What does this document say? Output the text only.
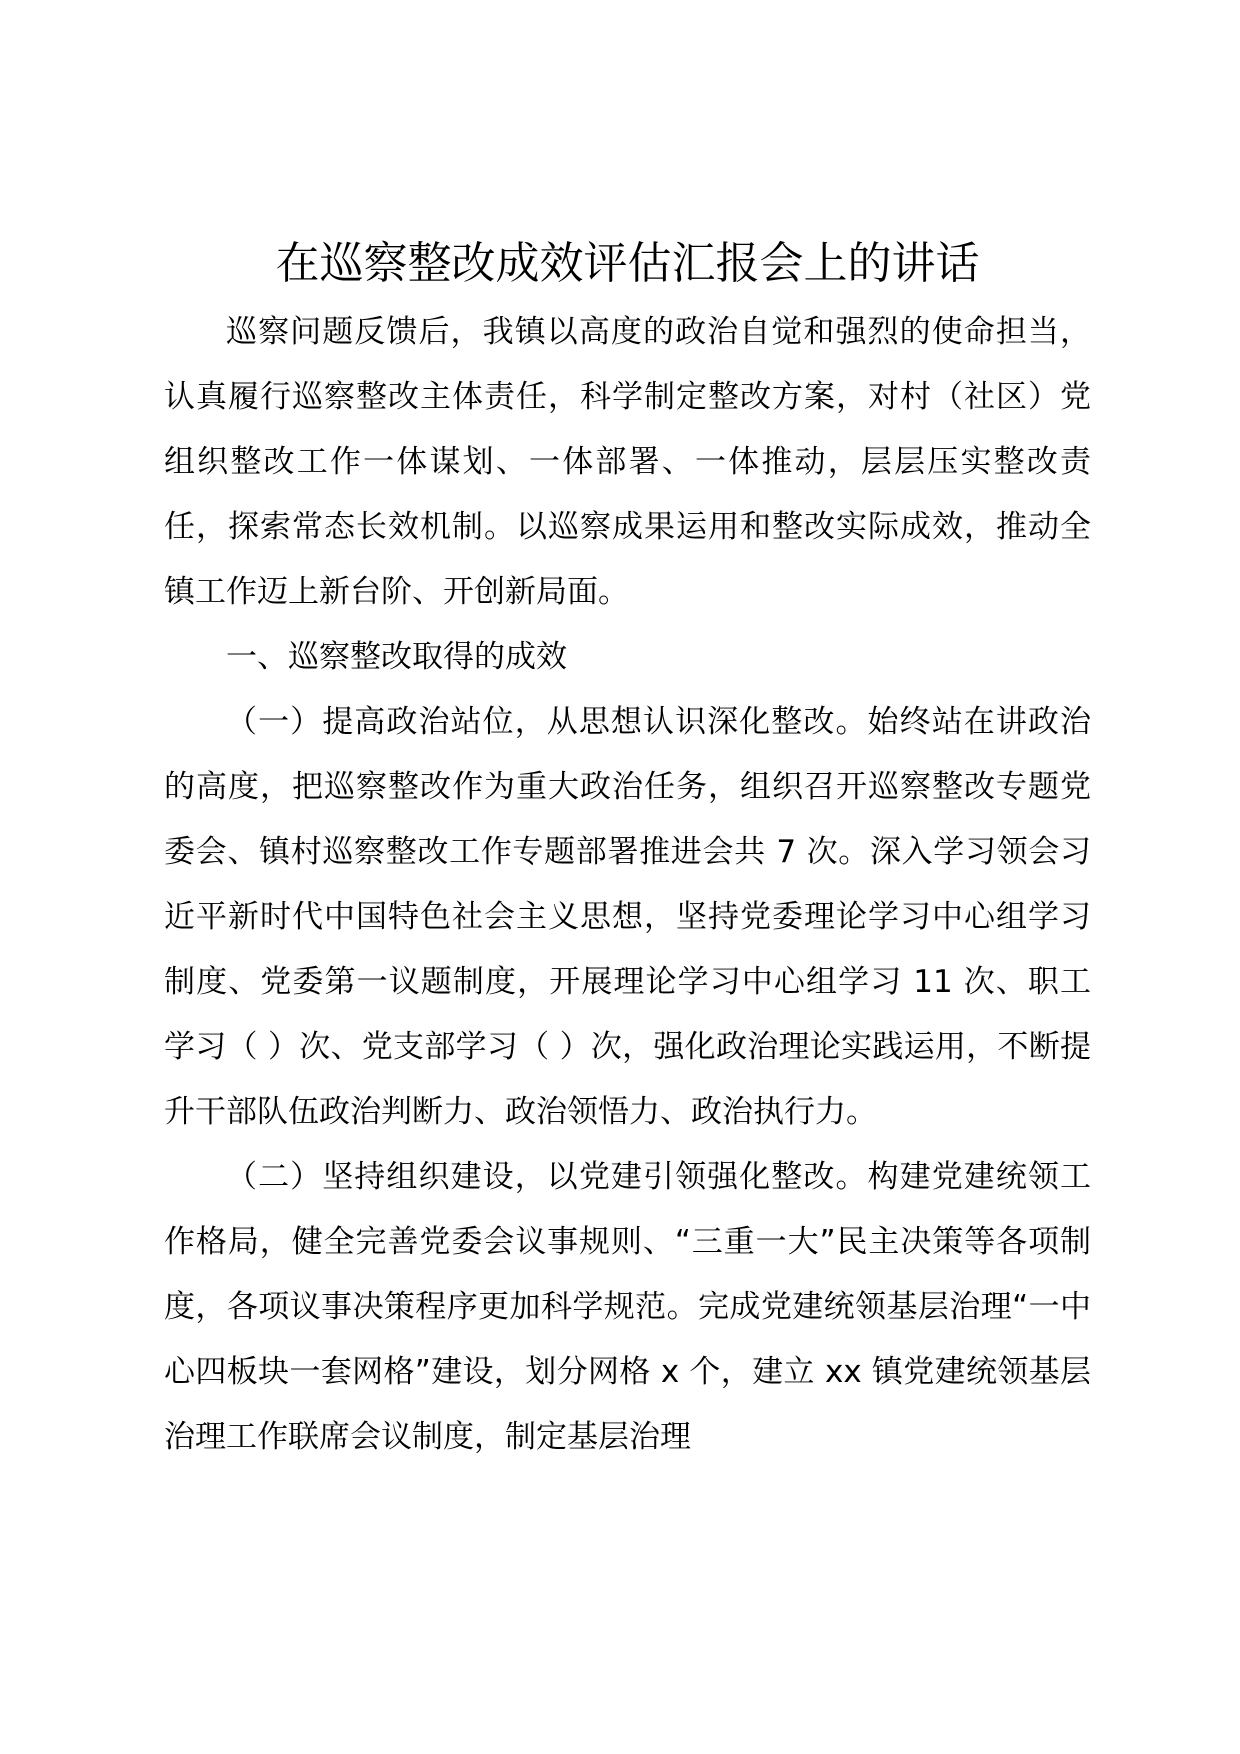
在巡察整改成效评估汇报会上的讲话

巡察问题反馈后，我镇以高度的政治自觉和强烈的使命担当，认真履行巡察整改主体责任，科学制定整改方案，对村（社区）党组织整改工作一体谋划、一体部署、一体推动，层层压实整改责任，探索常态长效机制。以巡察成果运用和整改实际成效，推动全镇工作迈上新台阶、开创新局面。

一、巡察整改取得的成效

（一）提高政治站位，从思想认识深化整改。始终站在讲政治的高度，把巡察整改作为重大政治任务，组织召开巡察整改专题党委会、镇村巡察整改工作专题部署推进会共 7 次。深入学习领会习近平新时代中国特色社会主义思想，坚持党委理论学习中心组学习制度、党委第一议题制度，开展理论学习中心组学习 11 次、职工学习（ ）次、党支部学习（ ）次，强化政治理论实践运用，不断提升干部队伍政治判断力、政治领悟力、政治执行力。

（二）坚持组织建设，以党建引领强化整改。构建党建统领工作格局，健全完善党委会议事规则、“三重一大”民主决策等各项制度，各项议事决策程序更加科学规范。完成党建统领基层治理“一中心四板块一套网格”建设，划分网格 x 个，建立 xx 镇党建统领基层治理工作联席会议制度，制定基层治理
